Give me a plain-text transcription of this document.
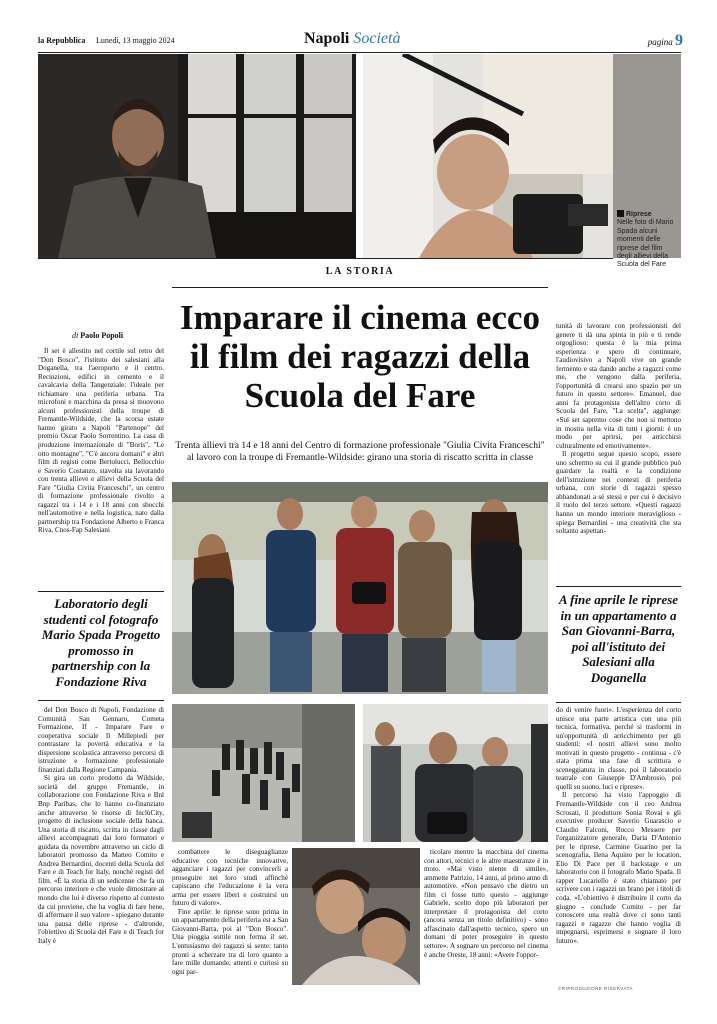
la Repubblica Lunedì, 13 maggio 2024	Napoli Società	pagina 9
Riprese
Nelle foto di Mario Spada alcuni momenti delle riprese del film degli allievi della Scuola del Fare
LA STORIA
Imparare il cinema ecco il film dei ragazzi della Scuola del Fare
Trenta allievi tra 14 e 18 anni del Centro di formazione professionale "Giulia Civita Franceschi" al lavoro con la troupe di Fremantle-Wildside: girano una storia di riscatto scritta in classe
di Paolo Popoli

Il set è allestito nel cortile sul retro del "Don Bosco", l'istituto dei salesiani alla Doganella, tra l'aeroporto e il centro. Recinzioni, edifici in cemento e il cavalcavia della Tangenziale: l'ideale per richiamare una periferia urbana. Tra microfoni e macchina da presa si muovono alcuni professionisti della troupe di Fremantle-Wildside, che la scorsa estate hanno girato a Napoli "Partenope" del premio Oscar Paolo Sorrentino. La casa di produzione internazionale di "Boris", "Le otto montagne", "C'è ancora domani" e altri film di registi come Bertolucci, Bellocchio e Saverio Costanzo, stavolta sta lavorando con trenta allieve e allievi della Scuola del Fare "Giulia Civita Franceschi", un centro di formazione professionale rivolto a ragazzi tra i 14 e i 18 anni con sbocchi nell'automotive e nella logistica, nato dalla partnership tra Fondazione Alberto e Franca Riva, Cnos-Fap Salesiani

Laboratorio degli studenti col fotografo Mario Spada Progetto promosso in partnership con la Fondazione Riva

del Don Bosco di Napoli, Fondazione di Comunità San Gennaro, Cometa Formazione, If - Imparare Fare e cooperativa sociale Il Millepiedi per contrastare la povertà educativa e la dispersione scolastica attraverso percorsi di istruzione e formazione professionale finanziati dalla Regione Campania.

Si gira un corto prodotto da Wildside, società del gruppo Fremantle, in collaborazione con Fondazione Riva e Bnl Bnp Paribas, che lo hanno co-finanziato anche attraverso le risorse di InclùCity, progetto di inclusione sociale della banca. Una storia di riscatto, scritta in classe dagli allievi accompagnati dai loro formatori e guidata da novembre attraverso un ciclo di laboratori promosso da Matteo Comito e Andrea Bernardini, docenti della Scuola del Fare e di Teach for Italy, nonché registi del film. «È la storia di un sedicenne che fa un percorso interiore e che vuole dimostrare al mondo che lui è diverso rispetto al contesto da cui proviene, che ha voglia di fare bene, di affermare il suo valore - spiegano durante una pausa delle riprese - d'altronde, l'obiettivo di Scuola del Fare e di Teach for Italy è

combattere le diseguaglianze educative con tecniche innovative, agganciare i ragazzi per convincerli a proseguire nei loro studi affinché capiscano che l'educazione è la vera arma per essere liberi e costruirsi un futuro di valore».

Fine aprile: le riprese sono prima in un appartamento della periferia est a San Giovanni-Barra, poi al "Don Bosco". Una pioggia sottile non ferma il set. L'entusiasmo dei ragazzi si sente: tanto pronti a scherzare tra di loro quanto a fare mille domande, attenti e curiosi su ogni par-

ticolare mentre la macchina del cinema con attori, tecnici e le altre maestranze è in moto. «Mai visto niente di simile», ammette Patrizio, 14 anni, al primo anno di automotive. «Non pensavo che dietro un film ci fosse tutto questo - aggiunge Gabriele, scelto dopo più laboratori per interpretare il protagonista del corto (ancora senza un titolo definitivo) - sono affascinato dall'aspetto tecnico, spero un domani di poter proseguire in questo settore». A sognare un percorso nel cinema è anche Oreste, 18 anni: «Avere l'oppor-

tunità di lavorare con professionisti del genere ti dà una spinta in più e ti rende orgoglioso: questa è la mia prima esperienza e spero di continuare, l'audiovisivo a Napoli vive un grande fermento e sta dando anche a ragazzi come me, che vengono dalla periferia, l'opportunità di crearsi uno spazio per un futuro in questo settore». Emanuel, due anni fa protagonista dell'altro corto di Scuola del Fare, "La scelta", aggiunge: «Sul set sapremo cose che non si mettono in mostra nella vita di tutti i giorni: è un modo per aprirsi, per arricchirsi culturalmente ed emotivamente».

Il progetto segue questo scopo, essere uno schermo su cui il grande pubblico può guardare la realtà e la condizione dell'istruzione nei contesti di periferia urbana, con storie di ragazzi spesso abbandonati a sé stessi e per cui è decisivo il ruolo del terzo settore. «Questi ragazzi hanno un mondo interiore meraviglioso - spiega Bernardini - una creatività che sta soltanto aspettan-

A fine aprile le riprese in un appartamento a San Giovanni-Barra, poi all'istituto dei Salesiani alla Doganella

do di venire fuori». L'esperienza del corto unisce una parte artistica con una più tecnica, formativa, perché si trasformi in un'opportunità di arricchimento per gli studenti: «I nostri allievi sono molto motivati in questo progetto - continua - c'è stata prima una fase di scrittura e sceneggiatura in classe, poi il laboratorio teatrale con Giuseppe D'Ambrosio, poi quelli su suono, luci e riprese».

Il percorso ha visto l'appoggio di Fremantle-Wildside con il ceo Andrea Scrosati, il produttore Sonia Rovai e gli executive producer Saverio Guarascio e Claudio Falconi, Rocco Messere per l'organizzatore generale, Daria D'Antonio per le riprese, Carmine Guarino per la scenografia, Ilena Aquino per le location, Elio Di Pace per il backstage e un laboratorio con il fotografo Mario Spada. Il rapper Lucariello è stato chiamato per scrivere con i ragazzi un brano per i titoli di coda. «L'obiettivo è distribuire il corto da giugno - conclude Comito - per far conoscere una realtà dove ci sono tanti ragazzi e ragazze che hanno voglia di impegnarsi, esprimersi e sognare il loro futuro».

©RIPRODUZIONE RISERVATA
